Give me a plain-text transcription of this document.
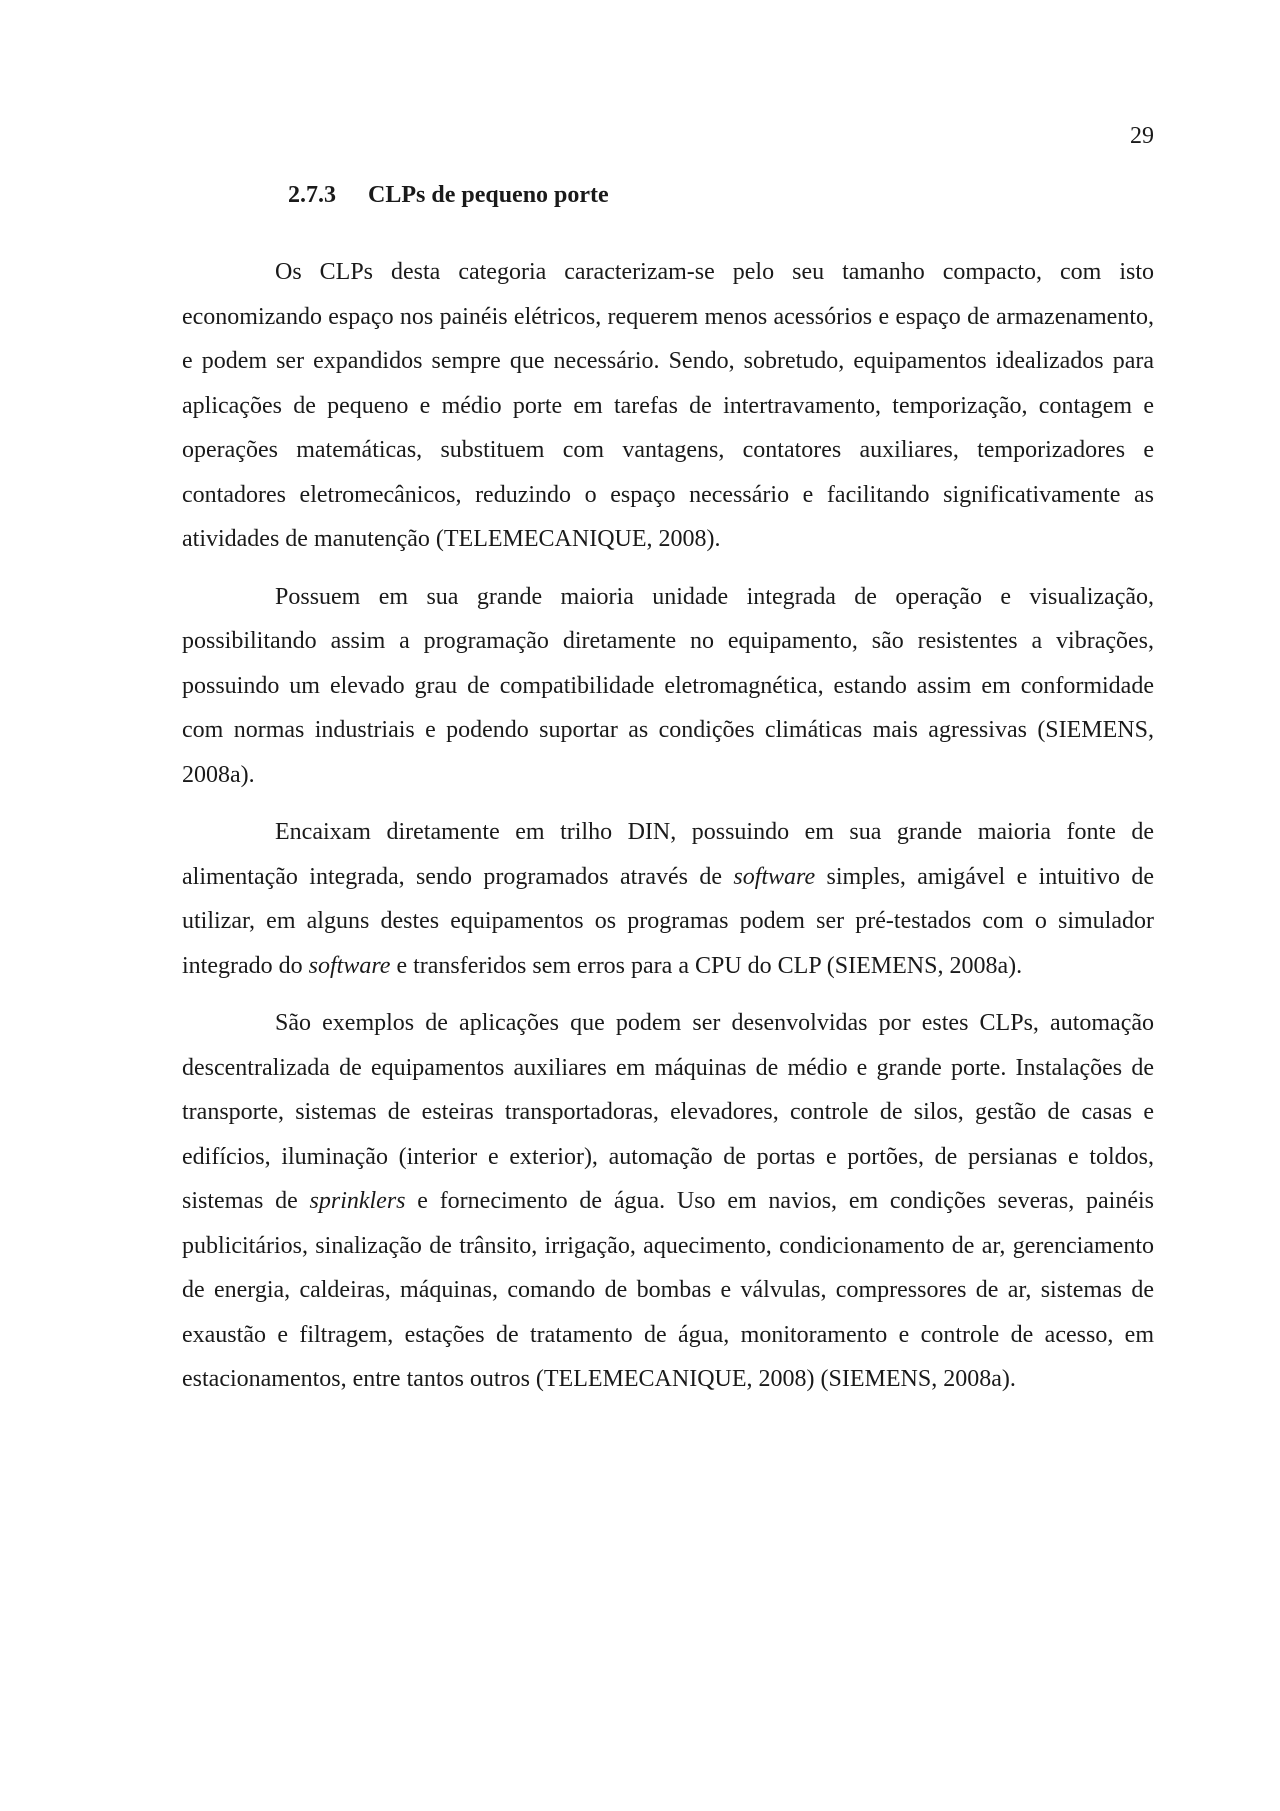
29
2.7.3 CLPs de pequeno porte

Os CLPs desta categoria caracterizam-se pelo seu tamanho compacto, com isto economizando espaço nos painéis elétricos, requerem menos acessórios e espaço de armazenamento, e podem ser expandidos sempre que necessário. Sendo, sobretudo, equipamentos idealizados para aplicações de pequeno e médio porte em tarefas de intertravamento, temporização, contagem e operações matemáticas, substituem com vantagens, contatores auxiliares, temporizadores e contadores eletromecânicos, reduzindo o espaço necessário e facilitando significativamente as atividades de manutenção (TELEMECANIQUE, 2008).

Possuem em sua grande maioria unidade integrada de operação e visualização, possibilitando assim a programação diretamente no equipamento, são resistentes a vibrações, possuindo um elevado grau de compatibilidade eletromagnética, estando assim em conformidade com normas industriais e podendo suportar as condições climáticas mais agressivas (SIEMENS, 2008a).

Encaixam diretamente em trilho DIN, possuindo em sua grande maioria fonte de alimentação integrada, sendo programados através de software simples, amigável e intuitivo de utilizar, em alguns destes equipamentos os programas podem ser pré-testados com o simulador integrado do software e transferidos sem erros para a CPU do CLP (SIEMENS, 2008a).

São exemplos de aplicações que podem ser desenvolvidas por estes CLPs, automação descentralizada de equipamentos auxiliares em máquinas de médio e grande porte. Instalações de transporte, sistemas de esteiras transportadoras, elevadores, controle de silos, gestão de casas e edifícios, iluminação (interior e exterior), automação de portas e portões, de persianas e toldos, sistemas de sprinklers e fornecimento de água. Uso em navios, em condições severas, painéis publicitários, sinalização de trânsito, irrigação, aquecimento, condicionamento de ar, gerenciamento de energia, caldeiras, máquinas, comando de bombas e válvulas, compressores de ar, sistemas de exaustão e filtragem, estações de tratamento de água, monitoramento e controle de acesso, em estacionamentos, entre tantos outros (TELEMECANIQUE, 2008) (SIEMENS, 2008a).
